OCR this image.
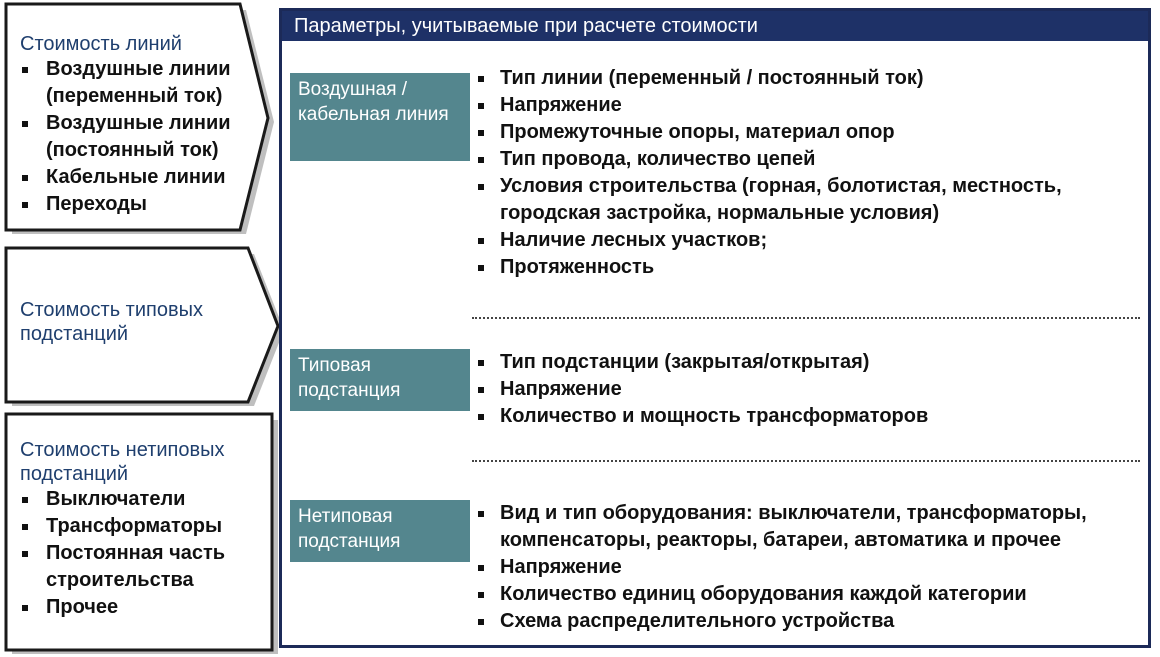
Стоимость линий
Воздушные линии (переменный ток)
Воздушные линии (постоянный ток)
Кабельные линии
Переходы
Стоимость типовых подстанций
Стоимость нетиповых подстанций
Выключатели
Трансформаторы
Постоянная часть строительства
Прочее
Параметры, учитываемые при расчете стоимости
Воздушная / кабельная линия
Тип линии (переменный / постоянный ток)
Напряжение
Промежуточные опоры, материал опор
Тип провода, количество цепей
Условия строительства (горная, болотистая, местность, городская застройка, нормальные условия)
Наличие лесных участков;
Протяженность
Типовая подстанция
Тип подстанции (закрытая/открытая)
Напряжение
Количество и мощность трансформаторов
Нетиповая подстанция
Вид и тип оборудования: выключатели, трансформаторы, компенсаторы, реакторы, батареи, автоматика и прочее
Напряжение
Количество единиц оборудования каждой категории
Схема распределительного устройства
